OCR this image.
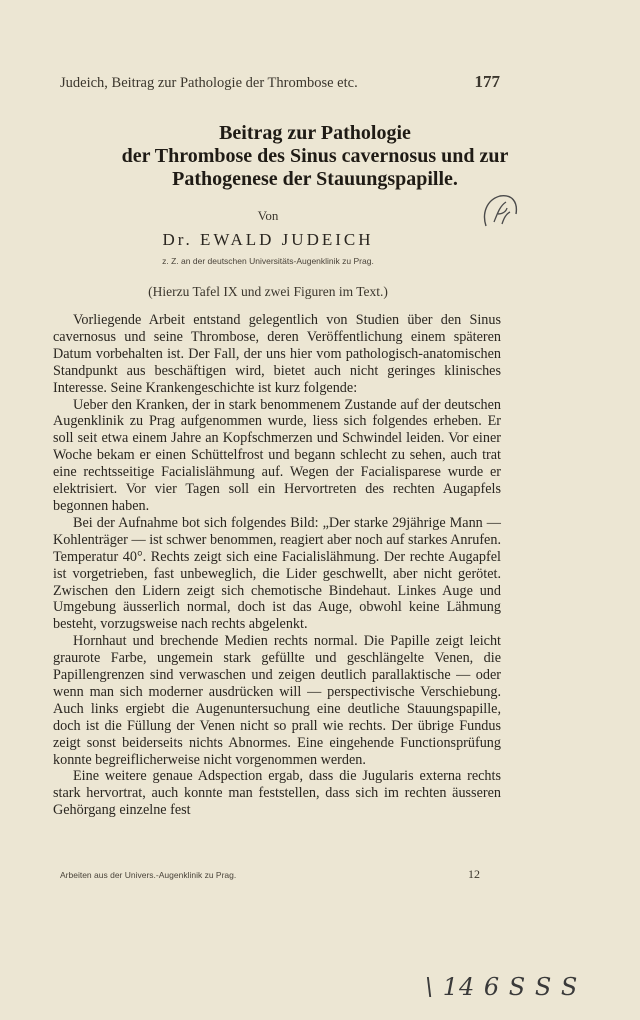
Judeich, Beitrag zur Pathologie der Thrombose etc.	177
Beitrag zur Pathologie
der Thrombose des Sinus cavernosus und zur
Pathogenese der Stauungspapille.
Von
Dr. EWALD JUDEICH
z. Z. an der deutschen Universitäts-Augenklinik zu Prag.
(Hierzu Tafel IX und zwei Figuren im Text.)

Vorliegende Arbeit entstand gelegentlich von Studien über den Sinus cavernosus und seine Thrombose, deren Veröffentlichung einem späteren Datum vorbehalten ist. Der Fall, der uns hier vom pathologisch-anatomischen Standpunkt aus beschäftigen wird, bietet auch nicht geringes klinisches Interesse. Seine Krankengeschichte ist kurz folgende:

Ueber den Kranken, der in stark benommenem Zustande auf der deutschen Augenklinik zu Prag aufgenommen wurde, liess sich folgendes erheben. Er soll seit etwa einem Jahre an Kopfschmerzen und Schwindel leiden. Vor einer Woche bekam er einen Schüttelfrost und begann schlecht zu sehen, auch trat eine rechtsseitige Facialislähmung auf. Wegen der Facialisparese wurde er elektrisiert. Vor vier Tagen soll ein Hervortreten des rechten Augapfels begonnen haben.

Bei der Aufnahme bot sich folgendes Bild: „Der starke 29jährige Mann — Kohlenträger — ist schwer benommen, reagiert aber noch auf starkes Anrufen. Temperatur 40°. Rechts zeigt sich eine Facialislähmung. Der rechte Augapfel ist vorgetrieben, fast unbeweglich, die Lider geschwellt, aber nicht gerötet. Zwischen den Lidern zeigt sich chemotische Bindehaut. Linkes Auge und Umgebung äusserlich normal, doch ist das Auge, obwohl keine Lähmung besteht, vorzugsweise nach rechts abgelenkt.

Hornhaut und brechende Medien rechts normal. Die Papille zeigt leicht graurote Farbe, ungemein stark gefüllte und geschlängelte Venen, die Papillengrenzen sind verwaschen und zeigen deutlich parallaktische — oder wenn man sich moderner ausdrücken will — perspectivische Verschiebung. Auch links ergiebt die Augenuntersuchung eine deutliche Stauungspapille, doch ist die Füllung der Venen nicht so prall wie rechts. Der übrige Fundus zeigt sonst beiderseits nichts Abnormes. Eine eingehende Functionsprüfung konnte begreiflicherweise nicht vorgenommen werden.

Eine weitere genaue Adspection ergab, dass die Jugularis externa rechts stark hervortrat, auch konnte man feststellen, dass sich im rechten äusseren Gehörgang einzelne fest

Arbeiten aus der Univers.-Augenklinik zu Prag.	12
\ 14 6 S S S
